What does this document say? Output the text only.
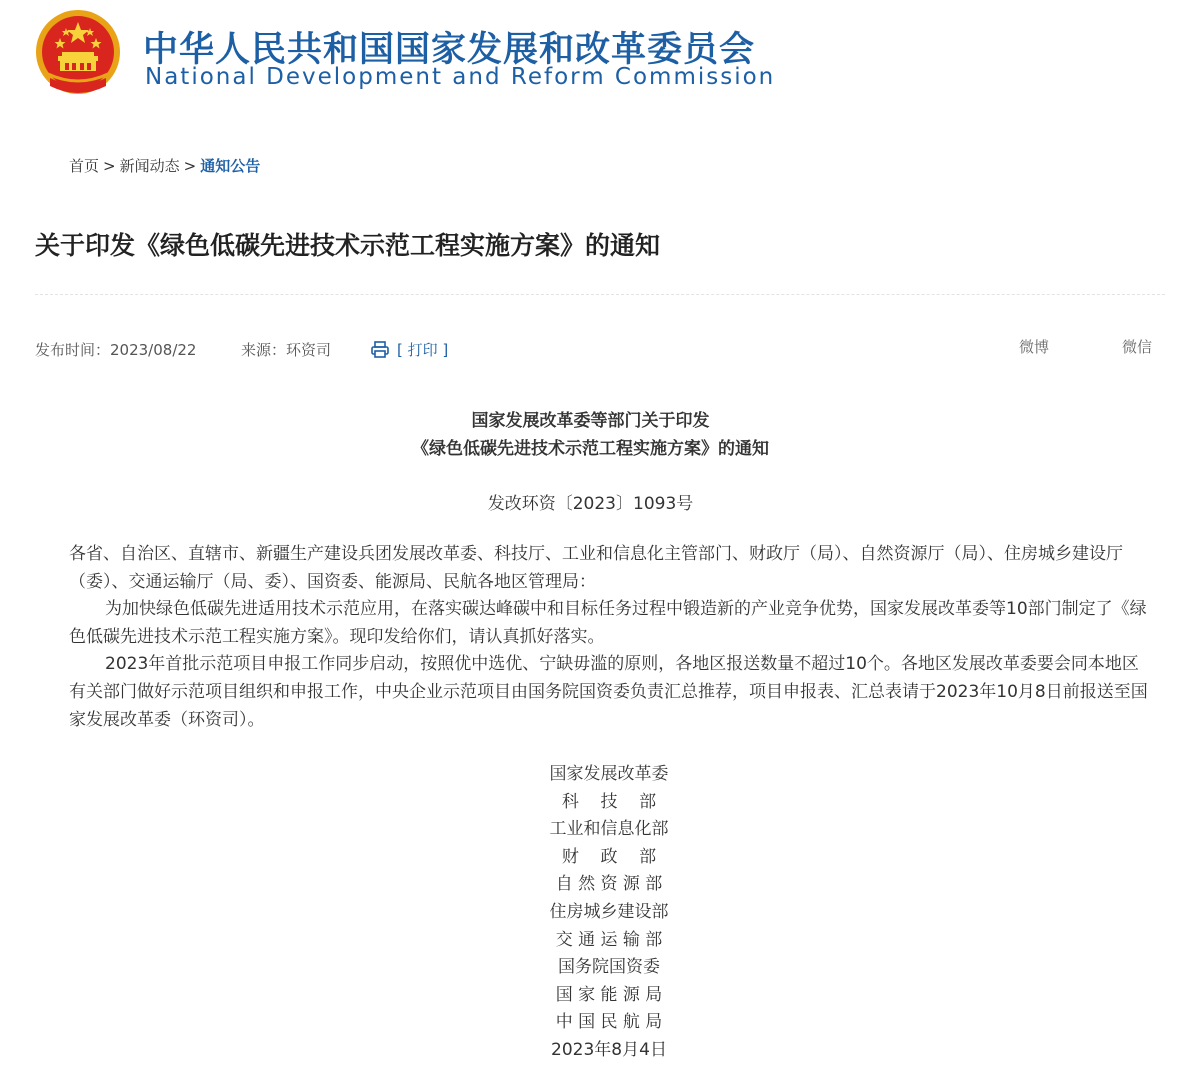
中华人民共和国国家发展和改革委员会
National Development and Reform Commission
首页 > 新闻动态 > 通知公告
关于印发《绿色低碳先进技术示范工程实施方案》的通知
发布时间：2023/08/22	来源：环资司	[ 打印 ]	微博	微信
国家发展改革委等部门关于印发
《绿色低碳先进技术示范工程实施方案》的通知
发改环资〔2023〕1093号

各省、自治区、直辖市、新疆生产建设兵团发展改革委、科技厅、工业和信息化主管部门、财政厅（局）、自然资源厅（局）、住房城乡建设厅（委）、交通运输厅（局、委）、国资委、能源局、民航各地区管理局：

为加快绿色低碳先进适用技术示范应用，在落实碳达峰碳中和目标任务过程中锻造新的产业竞争优势，国家发展改革委等10部门制定了《绿色低碳先进技术示范工程实施方案》。现印发给你们，请认真抓好落实。

2023年首批示范项目申报工作同步启动，按照优中选优、宁缺毋滥的原则，各地区报送数量不超过10个。各地区发展改革委要会同本地区有关部门做好示范项目组织和申报工作，中央企业示范项目由国务院国资委负责汇总推荐，项目申报表、汇总表请于2023年10月8日前报送至国家发展改革委（环资司）。

国家发展改革委
科    技    部
工业和信息化部
财    政    部
自 然 资 源 部
住房城乡建设部
交 通 运 输 部
国务院国资委
国 家 能 源 局
中 国 民 航 局
2023年8月4日
